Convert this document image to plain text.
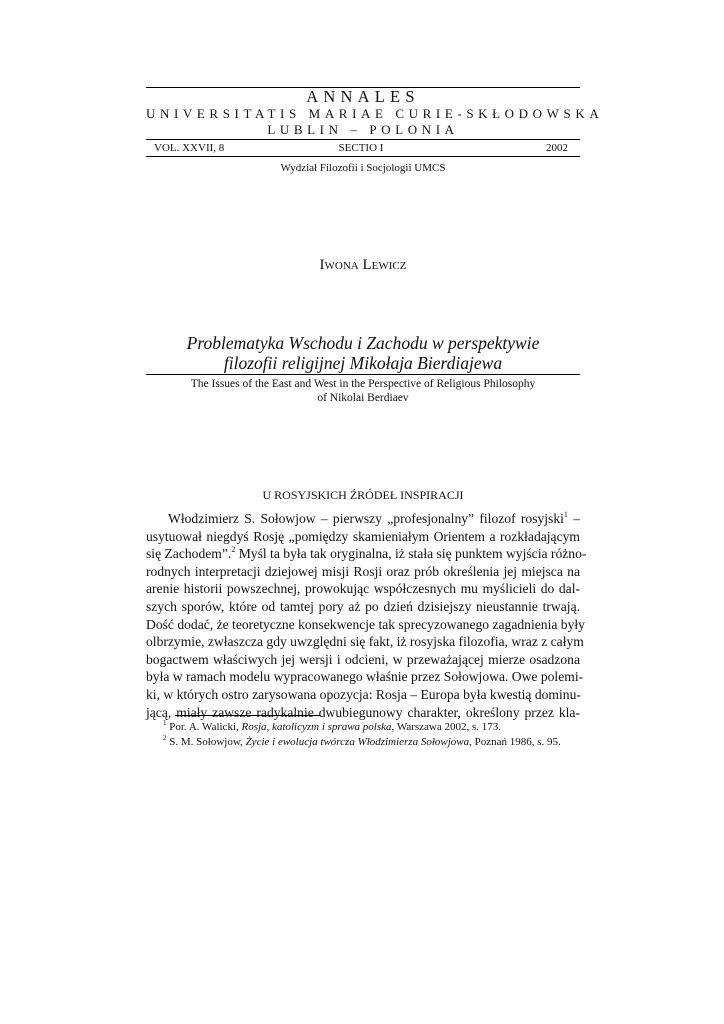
ANNALES
UNIVERSITATIS MARIAE CURIE-SKŁODOWSKA
LUBLIN – POLONIA
VOL. XXVII, 8	SECTIO I	2002
Wydział Filozofii i Socjologii UMCS
Iwona Lewicz
Problematyka Wschodu i Zachodu w perspektywie
filozofii religijnej Mikołaja Bierdiajewa
The Issues of the East and West in the Perspective of Religious Philosophy
of Nikolai Berdiaev
U ROSYJSKICH ŹRÓDEŁ INSPIRACJI
Włodzimierz S. Sołowjow – pierwszy „profesjonalny” filozof rosyjski$^1$ –
usytuował niegdyś Rosję „pomiędzy skamieniałym Orientem a rozkładającym
się Zachodem”.$^2$ Myśl ta była tak oryginalna, iż stała się punktem wyjścia różno-
rodnych interpretacji dziejowej misji Rosji oraz prób określenia jej miejsca na
arenie historii powszechnej, prowokując współczesnych mu myślicieli do dal-
szych sporów, które od tamtej pory aż po dzień dzisiejszy nieustannie trwają.
Dość dodać, że teoretyczne konsekwencje tak sprecyzowanego zagadnienia były
olbrzymie, zwłaszcza gdy uwzględni się fakt, iż rosyjska filozofia, wraz z całym
bogactwem właściwych jej wersji i odcieni, w przeważającej mierze osadzona
była w ramach modelu wypracowanego właśnie przez Sołowjowa. Owe polemi-
ki, w których ostro zarysowana opozycja: Rosja – Europa była kwestią dominu-
jącą, miały zawsze radykalnie dwubiegunowy charakter, określony przez kla-
$^1$ Por. A. Walicki, Rosja, katolicyzm i sprawa polska, Warszawa 2002, s. 173.
$^2$ S. M. Sołowjow, Życie i ewolucja twórcza Włodzimierza Sołowjowa, Poznań 1986, s. 95.
